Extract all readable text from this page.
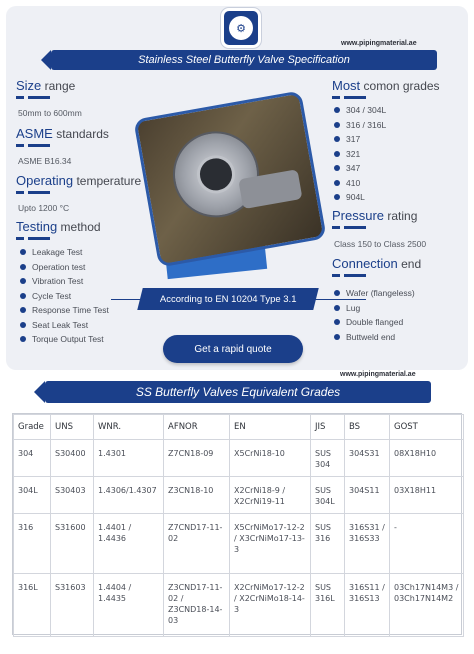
⚙
www.pipingmaterial.ae
Stainless Steel Butterfly Valve Specification
Size range
50mm to 600mm
ASME standards
ASME B16.34
Operating temperature
Upto 1200 °C
Testing method
Leakage Test
Operation test
Vibration Test
Cycle Test
Response Time Test
Seat Leak Test
Torque Output Test
According to EN 10204 Type 3.1
Get a rapid quote
Most comon grades
304 / 304L
316 / 316L
317
321
347
410
904L
Pressure rating
Class 150 to Class 2500
Connection end
Wafer (flangeless)
Lug
Double flanged
Buttweld end
www.pipingmaterial.ae
SS Butterfly Valves Equivalent Grades
Grade	UNS	WNR.	AFNOR	EN	JIS	BS	GOST
304	S30400	1.4301	Z7CN18‐09	X5CrNi18‐10	SUS 304	304S31	08Х18Н10
304L	S30403	1.4306/1.4307	Z3CN18‐10	X2CrNi18‐9 / X2CrNi19‐11	SUS 304L	304S11	03Х18Н11
316	S31600	1.4401 / 1.4436	Z7CND17‐11‐02	X5CrNiMo17‐12‐2 / X3CrNiMo17‐13‐3	SUS 316	316S31 / 316S33	-
316L	S31603	1.4404 / 1.4435	Z3CND17‐11‐02 / Z3CND18‐14‐03	X2CrNiMo17‐12‐2 / X2CrNiMo18‐14‐3	SUS 316L	316S11 / 316S13	03Ch17N14M3 / 03Ch17N14M2
